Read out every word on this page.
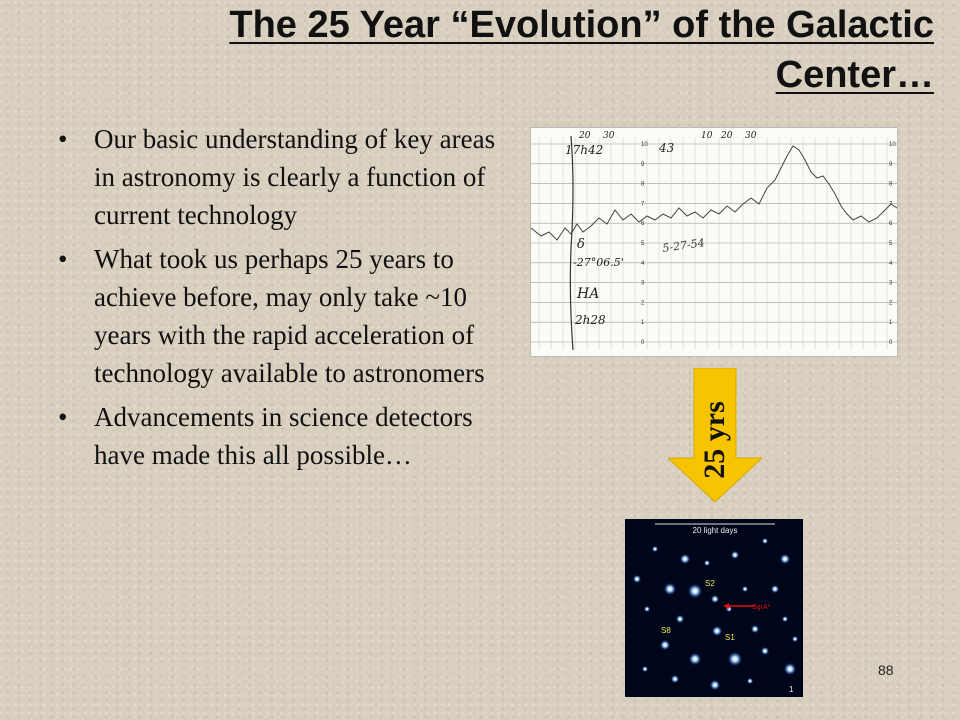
The 25 Year “Evolution” of the Galactic
Center…
• Our basic understanding of key areas in astronomy is clearly a function of current technology
• What took us perhaps 25 years to achieve before, may only take ~10 years with the rapid acceleration of technology available to astronomers
• Advancements in science detectors have made this all possible…
10
9
8
7
6
5
4
3
2
1
0
10
9
8
7
6
5
4
3
2
1
0
17h42
δ
-27°06.5'
HA
2h28
20 30
43
10 20 30
5-27-54
25 yrs
20 light days
S2
SgrA*
S8
S1
1
88
